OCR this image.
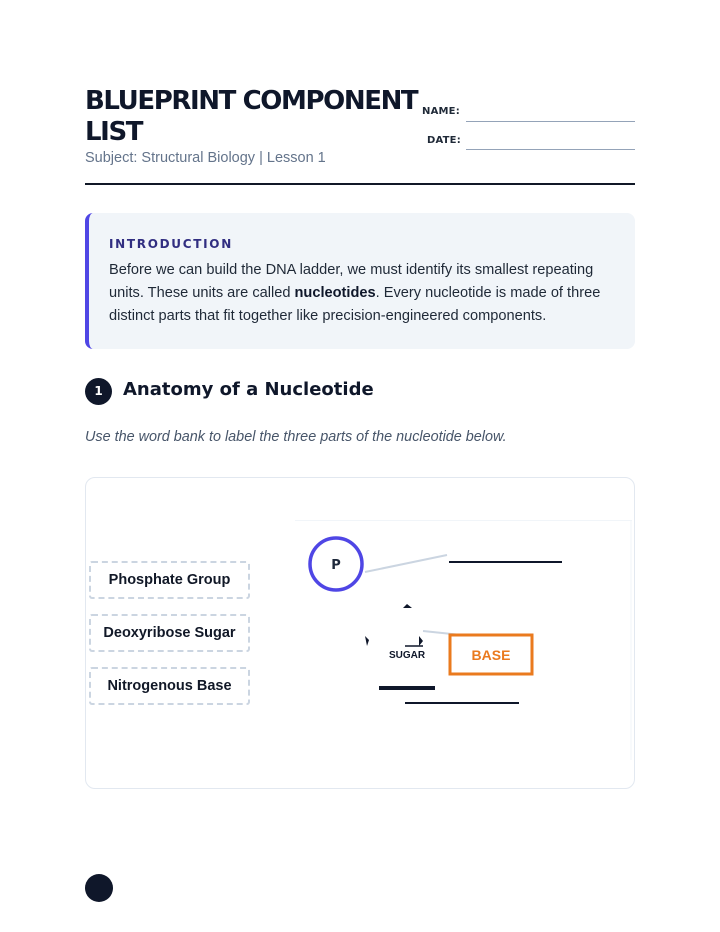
BLUEPRINT COMPONENT LIST
Subject: Structural Biology | Lesson 1
NAME:
DATE:
INTRODUCTION
Before we can build the DNA ladder, we must identify its smallest repeating units. These units are called nucleotides. Every nucleotide is made of three distinct parts that fit together like precision-engineered components.
1	Anatomy of a Nucleotide
Use the word bank to label the three parts of the nucleotide below.
Phosphate Group
Deoxyribose Sugar
Nitrogenous Base
P
SUGAR	BASE
